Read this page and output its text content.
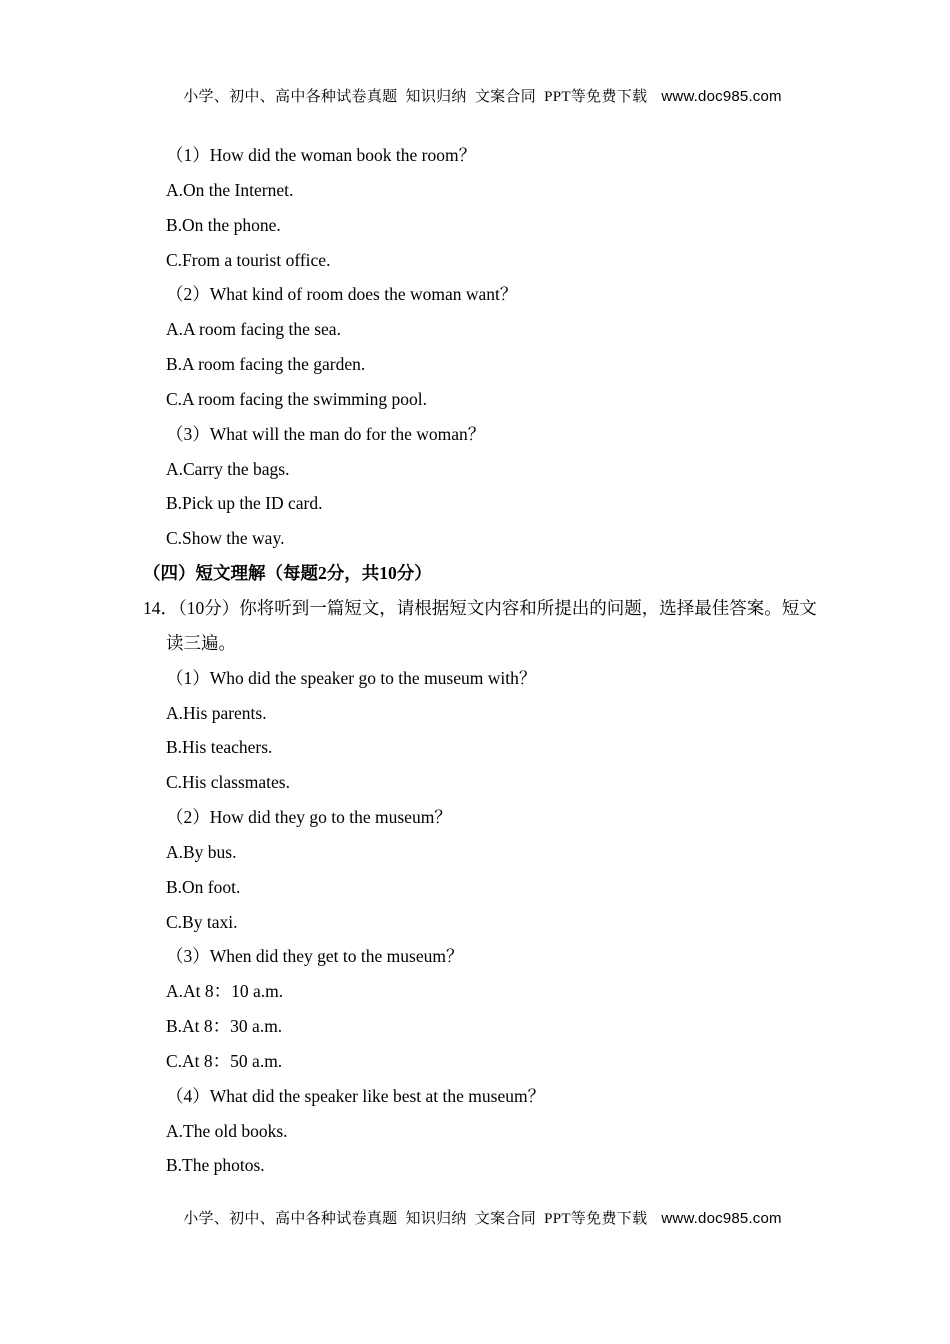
小学、初中、高中各种试卷真题  知识归纳  文案合同  PPT等免费下载 www.doc985.com

（1）How did the woman book the room？
A.On the Internet.
B.On the phone.
C.From a tourist office.
（2）What kind of room does the woman want？
A.A room facing the sea.
B.A room facing the garden.
C.A room facing the swimming pool.
（3）What will the man do for the woman？
A.Carry the bags.
B.Pick up the ID card.
C.Show the way.
（四）短文理解（每题2分，共10分）
14．（10分）你将听到一篇短文，请根据短文内容和所提出的问题，选择最佳答案。短文
读三遍。
（1）Who did the speaker go to the museum with？
A.His parents.
B.His teachers.
C.His classmates.
（2）How did they go to the museum？
A.By bus.
B.On foot.
C.By taxi.
（3）When did they get to the museum？
A.At 8：10 a.m.
B.At 8：30 a.m.
C.At 8：50 a.m.
（4）What did the speaker like best at the museum？
A.The old books.
B.The photos.

小学、初中、高中各种试卷真题  知识归纳  文案合同  PPT等免费下载 www.doc985.com
